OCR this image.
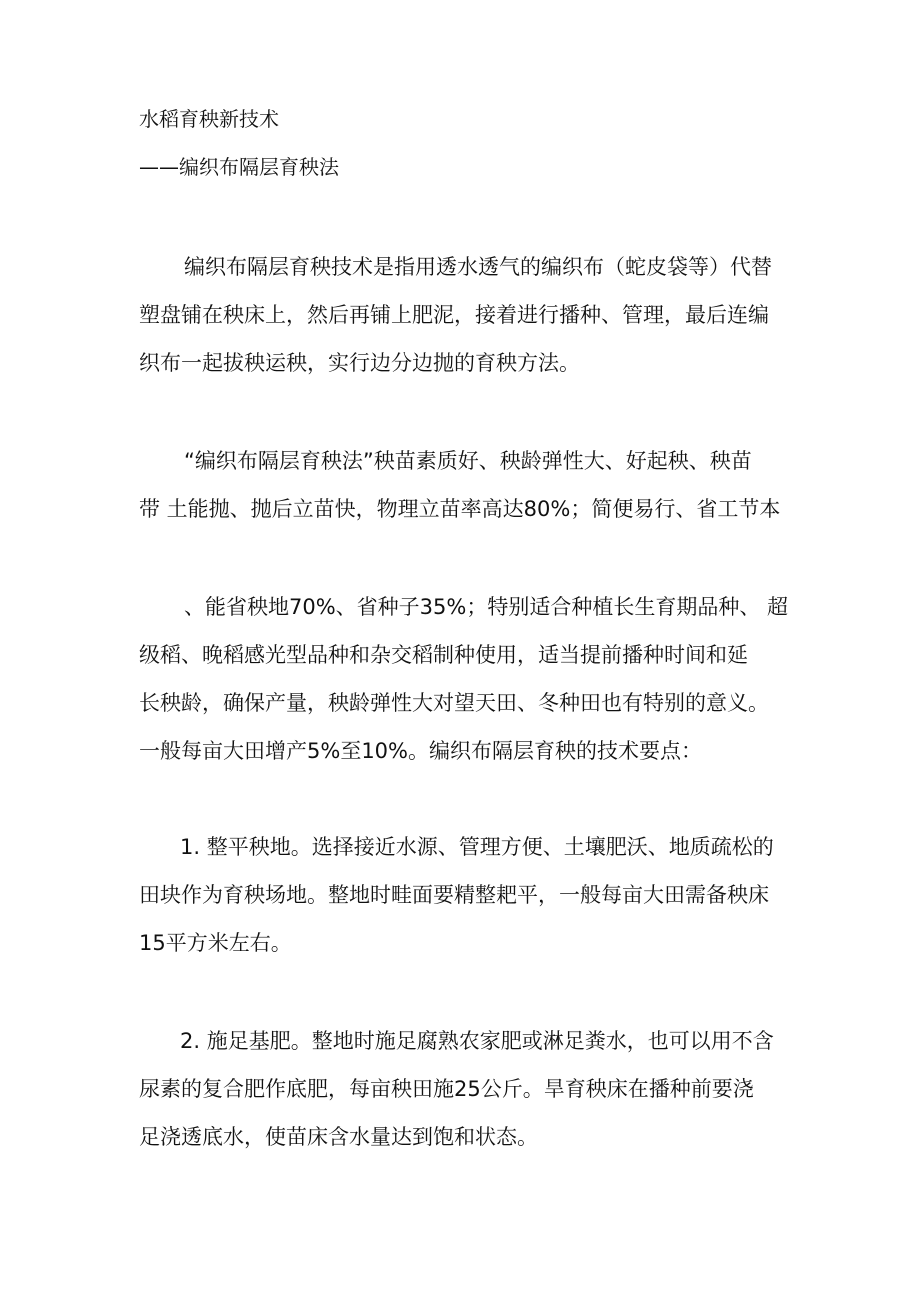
水稻育秧新技术
——编织布隔层育秧法
编织布隔层育秧技术是指用透水透气的编织布（蛇皮袋等）代替
塑盘铺在秧床上，然后再铺上肥泥，接着进行播种、管理，最后连编
织布一起拔秧运秧，实行边分边抛的育秧方法。
“编织布隔层育秧法”秧苗素质好、秧龄弹性大、好起秧、秧苗
带 土能抛、抛后立苗快，物理立苗率高达80%；简便易行、省工节本
、能省秧地70%、省种子35%；特别适合种植长生育期品种、 超
级稻、晚稻感光型品种和杂交稻制种使用，适当提前播种时间和延
长秧龄，确保产量，秧龄弹性大对望天田、冬种田也有特别的意义。
一般每亩大田增产5%至10%。编织布隔层育秧的技术要点：
1. 整平秧地。选择接近水源、管理方便、土壤肥沃、地质疏松的
田块作为育秧场地。整地时畦面要精整耙平，一般每亩大田需备秧床
15平方米左右。
2. 施足基肥。整地时施足腐熟农家肥或淋足粪水，也可以用不含
尿素的复合肥作底肥，每亩秧田施25公斤。旱育秧床在播种前要浇
足浇透底水，使苗床含水量达到饱和状态。
